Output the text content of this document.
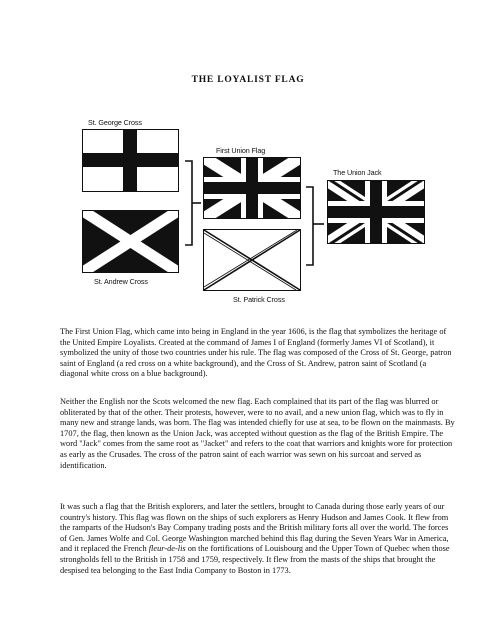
THE LOYALIST FLAG
St. George Cross
St. Andrew Cross
First Union Flag
St. Patrick Cross
The Union Jack

The First Union Flag, which came into being in England in the year 1606, is the flag that symbolizes the heritage of the United Empire Loyalists. Created at the command of James I of England (formerly James VI of Scotland), it symbolized the unity of those two countries under his rule. The flag was composed of the Cross of St. George, patron saint of England (a red cross on a white background), and the Cross of St. Andrew, patron saint of Scotland (a diagonal white cross on a blue background).

Neither the English nor the Scots welcomed the new flag. Each complained that its part of the flag was blurred or obliterated by that of the other. Their protests, however, were to no avail, and a new union flag, which was to fly in many new and strange lands, was born. The flag was intended chiefly for use at sea, to be flown on the mainmasts. By 1707, the flag, then known as the Union Jack, was accepted without question as the flag of the British Empire. The word "Jack" comes from the same root as "Jacket" and refers to the coat that warriors and knights wore for protection as early as the Crusades. The cross of the patron saint of each warrior was sewn on his surcoat and served as identification.

It was such a flag that the British explorers, and later the settlers, brought to Canada during those early years of our country's history. This flag was flown on the ships of such explorers as Henry Hudson and James Cook. It flew from the ramparts of the Hudson's Bay Company trading posts and the British military forts all over the world. The forces of Gen. James Wolfe and Col. George Washington marched behind this flag during the Seven Years War in America, and it replaced the French fleur-de-lis on the fortifications of Louisbourg and the Upper Town of Quebec when those strongholds fell to the British in 1758 and 1759, respectively. It flew from the masts of the ships that brought the despised tea belonging to the East India Company to Boston in 1773.
